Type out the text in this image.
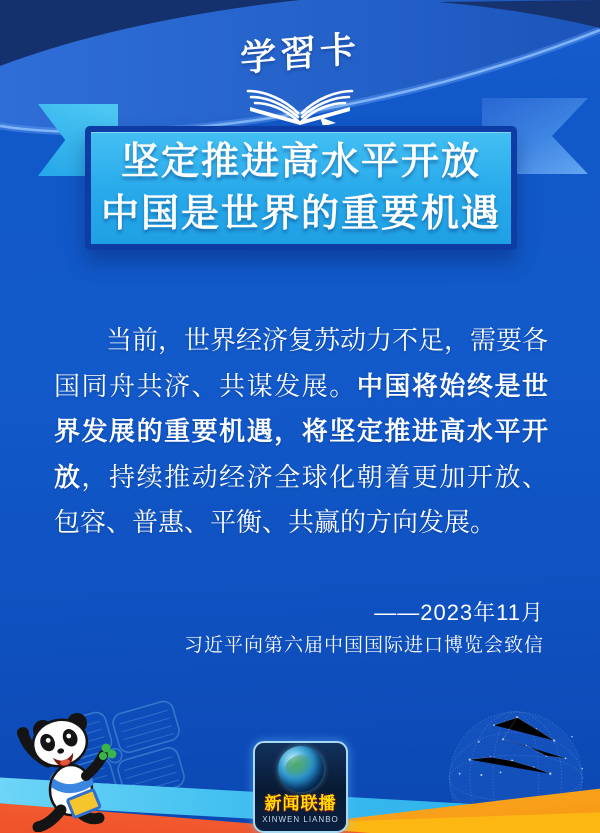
学習卡
坚定推进高水平开放
中国是世界的重要机遇

当前，世界经济复苏动力不足，需要各国同舟共济、共谋发展。中国将始终是世界发展的重要机遇，将坚定推进高水平开放，持续推动经济全球化朝着更加开放、包容、普惠、平衡、共赢的方向发展。

——2023年11月
习近平向第六届中国国际进口博览会致信
新闻联播
XINWEN LIANBO
